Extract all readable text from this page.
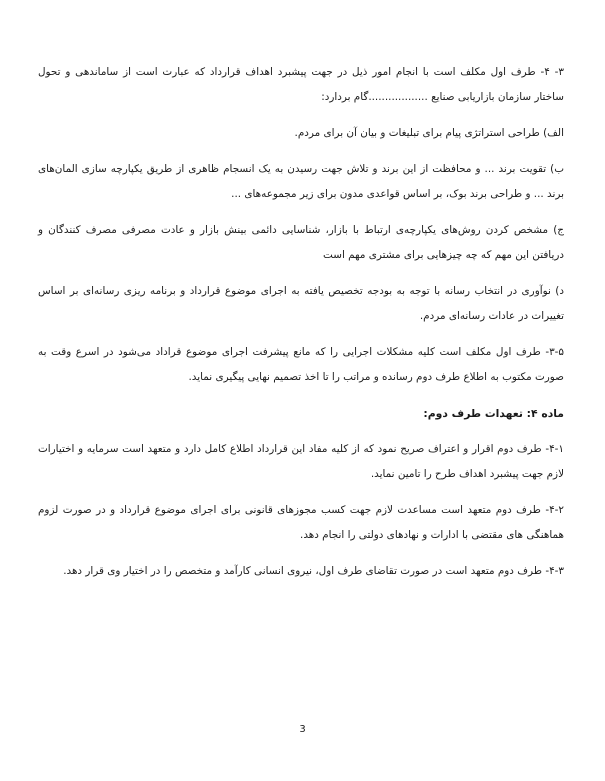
۳- ۴- طرف اول مکلف است با انجام امور ذیل در جهت پیشبرد اهداف قرارداد که عبارت است از ساماندهی و تحول ساختار سازمان بازاریابی صنایع ..................گام بردارد:

الف) طراحی استراتژی پیام برای تبلیغات و بیان آن برای مردم.

ب) تقویت برند ... و محافظت از این برند و تلاش جهت رسیدن به یک انسجام ظاهری از طریق یکپارچه سازی المان‌های برند ... و طراحی برند بوک، بر اساس قواعدی مدون برای زیر مجموعه‌های ...

ج) مشخص کردن روش‌های یکپارچه‌ی ارتباط با بازار، شناسایی دائمی بینش بازار و عادت مصرفی مصرف کنندگان و دریافتن این مهم که چه چیزهایی برای مشتری مهم است

د) نوآوری در انتخاب رسانه با توجه به بودجه تخصیص یافته به اجرای موضوع قرارداد و برنامه ریزی رسانه‌ای بر اساس تغییرات در عادات رسانه‌ای مردم.

۳-۵- طرف اول مکلف است کلیه مشکلات اجرایی را که مانع پیشرفت اجرای موضوع قراداد می‌شود در اسرع وقت به صورت مکتوب به اطلاع طرف دوم رسانده و مراتب را تا اخذ تصمیم نهایی پیگیری نماید.

ماده ۴: تعهدات طرف دوم:

۴-۱- طرف دوم اقرار و اعتراف صریح نمود که از کلیه مفاد این قرارداد اطلاع کامل دارد و متعهد است سرمایه و اختیارات لازم جهت پیشبرد اهداف طرح را تامین نماید.

۴-۲- طرف دوم متعهد است مساعدت لازم جهت کسب مجوزهای قانونی برای اجرای موضوع قرارداد و در صورت لزوم هماهنگی های مقتضی با ادارات و نهادهای دولتی را انجام دهد.

۴-۳- طرف دوم متعهد است در صورت تقاضای طرف اول، نیروی انسانی کارآمد و متخصص را در اختیار وی قرار دهد.

3
